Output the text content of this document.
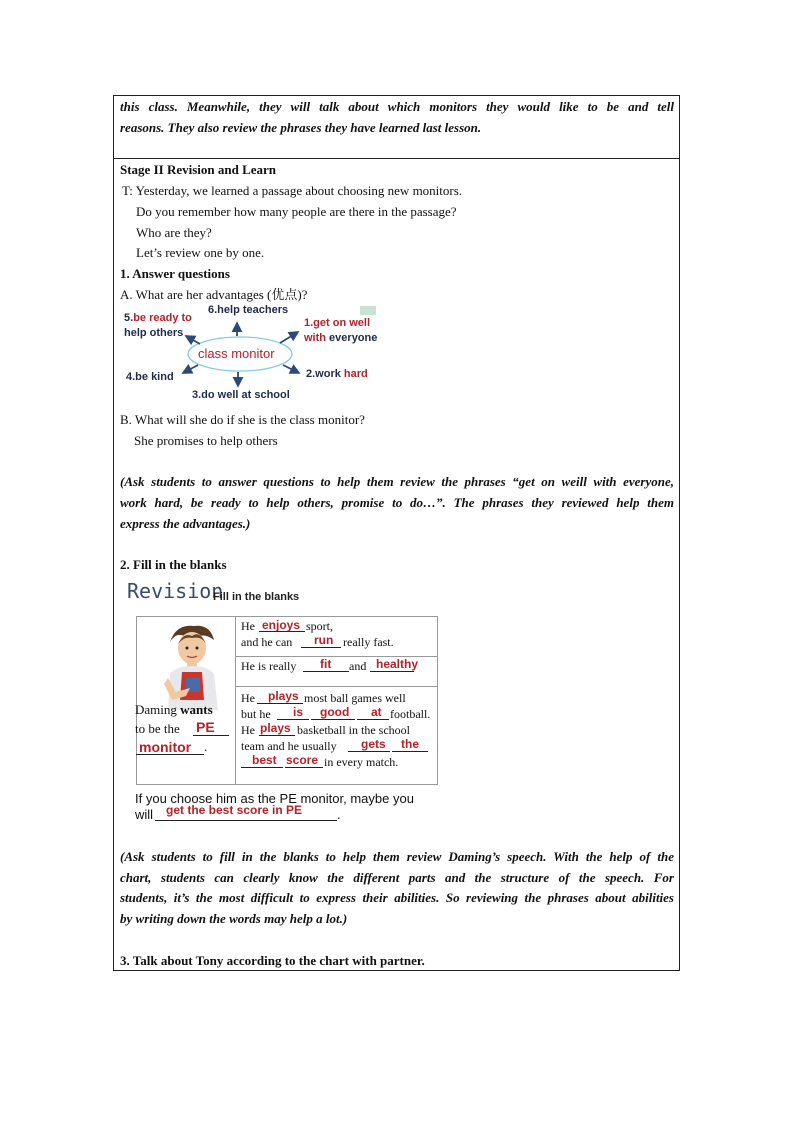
this class. Meanwhile, they will talk about which monitors they would like to be and tell
reasons. They also review the phrases they have learned last lesson.
Stage II Revision and Learn
T: Yesterday, we learned a passage about choosing new monitors.
Do you remember how many people are there in the passage?
Who are they?
Let’s review one by one.
1. Answer questions
A. What are her advantages (优点)?
class monitor
1.get on well
with everyone
2.work hard
3.do well at school
4.be kind
5.be ready to
help others
6.help teachers
B. What will she do if she is the class monitor?
She promises to help others
(Ask students to answer questions to help them review the phrases “get on weill with everyone,
work hard, be ready to help others, promise to do…”. The phrases they reviewed help them
express the advantages.)
2. Fill in the blanks
Revision
Fill in the blanks
Daming wants
to be the PE
monitor .
He enjoys sport,
and he can run really fast.
He is really fit and healthy
He plays most ball games well
but he is good at football.
He plays basketball in the school
team and he usually gets the
best score in every match.
If you choose him as the PE monitor, maybe you
will get the best score in PE	.
(Ask students to fill in the blanks to help them review Daming’s speech. With the help of the
chart, students can clearly know the different parts and the structure of the speech. For
students, it’s the most difficult to express their abilities. So reviewing the phrases about abilities
by writing down the words may help a lot.)
3. Talk about Tony according to the chart with partner.
